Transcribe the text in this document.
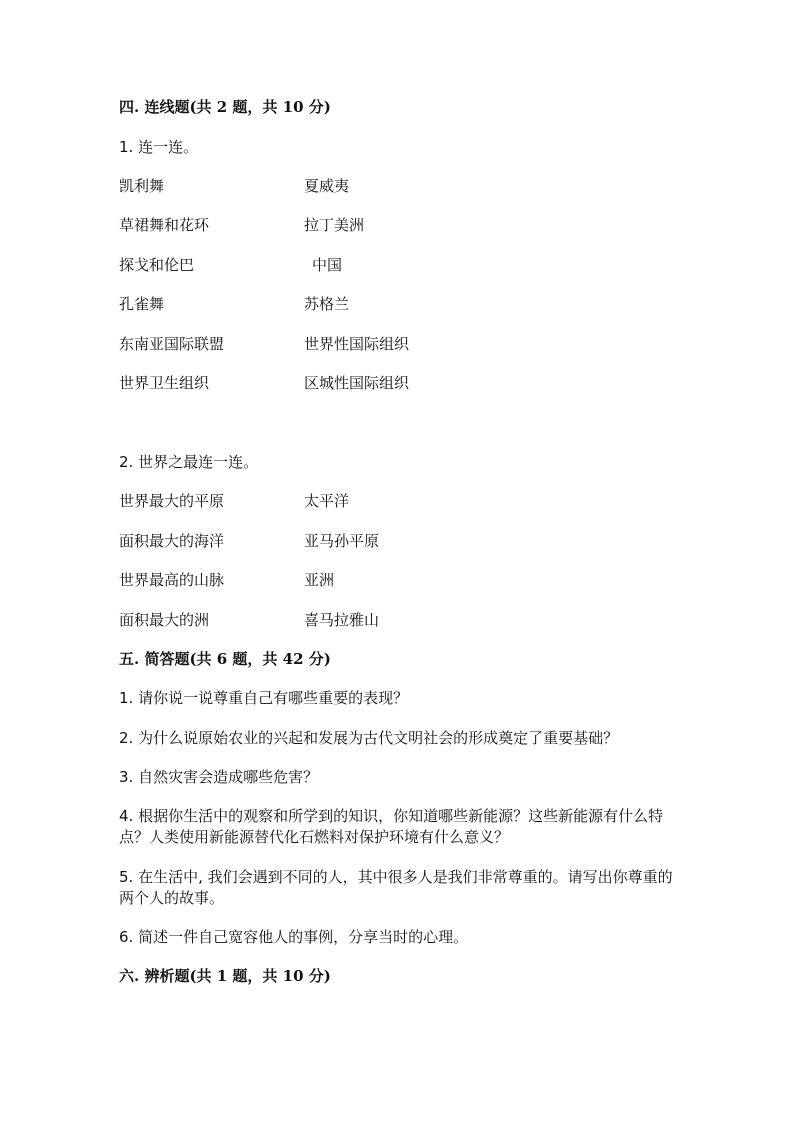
四. 连线题(共 2 题，共 10 分)
1. 连一连。
凯利舞	夏威夷
草裙舞和花环	拉丁美洲
探戈和伦巴	中国
孔雀舞	苏格兰
东南亚国际联盟	世界性国际组织
世界卫生组织	区城性国际组织
2. 世界之最连一连。
世界最大的平原	太平洋
面积最大的海洋	亚马孙平原
世界最高的山脉	亚洲
面积最大的洲	喜马拉雅山
五. 简答题(共 6 题，共 42 分)
1. 请你说一说尊重自己有哪些重要的表现？
2. 为什么说原始农业的兴起和发展为古代文明社会的形成奠定了重要基础？
3. 自然灾害会造成哪些危害？
4. 根据你生活中的观察和所学到的知识，你知道哪些新能源？这些新能源有什么特点？人类使用新能源替代化石燃料对保护环境有什么意义？
5. 在生活中, 我们会遇到不同的人，其中很多人是我们非常尊重的。请写出你尊重的两个人的故事。
6. 简述一件自己宽容他人的事例，分享当时的心理。
六. 辨析题(共 1 题，共 10 分)
